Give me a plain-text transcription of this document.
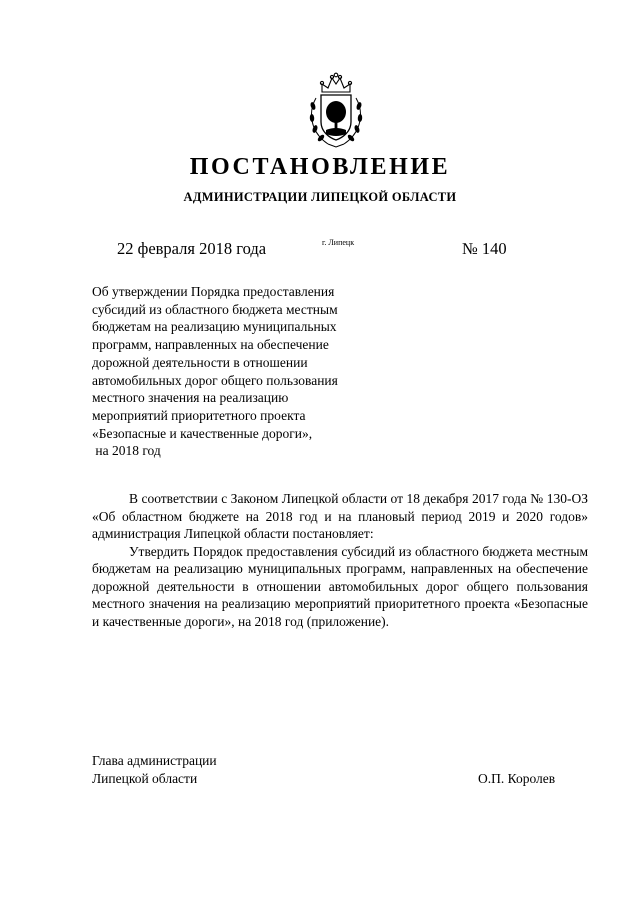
ПОСТАНОВЛЕНИЕ
АДМИНИСТРАЦИИ ЛИПЕЦКОЙ ОБЛАСТИ
22 февраля 2018 года	г. Липецк	№ 140
Об утверждении Порядка предоставления
субсидий из областного бюджета местным
бюджетам на реализацию муниципальных
программ, направленных на обеспечение
дорожной деятельности в отношении
автомобильных дорог общего пользования
местного значения на реализацию
мероприятий приоритетного проекта
«Безопасные и качественные дороги»,
на 2018 год

В соответствии с Законом Липецкой области от 18 декабря 2017 года № 130-ОЗ «Об областном бюджете на 2018 год и на плановый период 2019 и 2020 годов» администрация Липецкой области постановляет:

Утвердить Порядок предоставления субсидий из областного бюджета местным бюджетам на реализацию муниципальных программ, направленных на обеспечение дорожной деятельности в отношении автомобильных дорог общего пользования местного значения на реализацию мероприятий приоритетного проекта «Безопасные и качественные дороги», на 2018 год (приложение).

Глава администрации
Липецкой области	О.П. Королев
